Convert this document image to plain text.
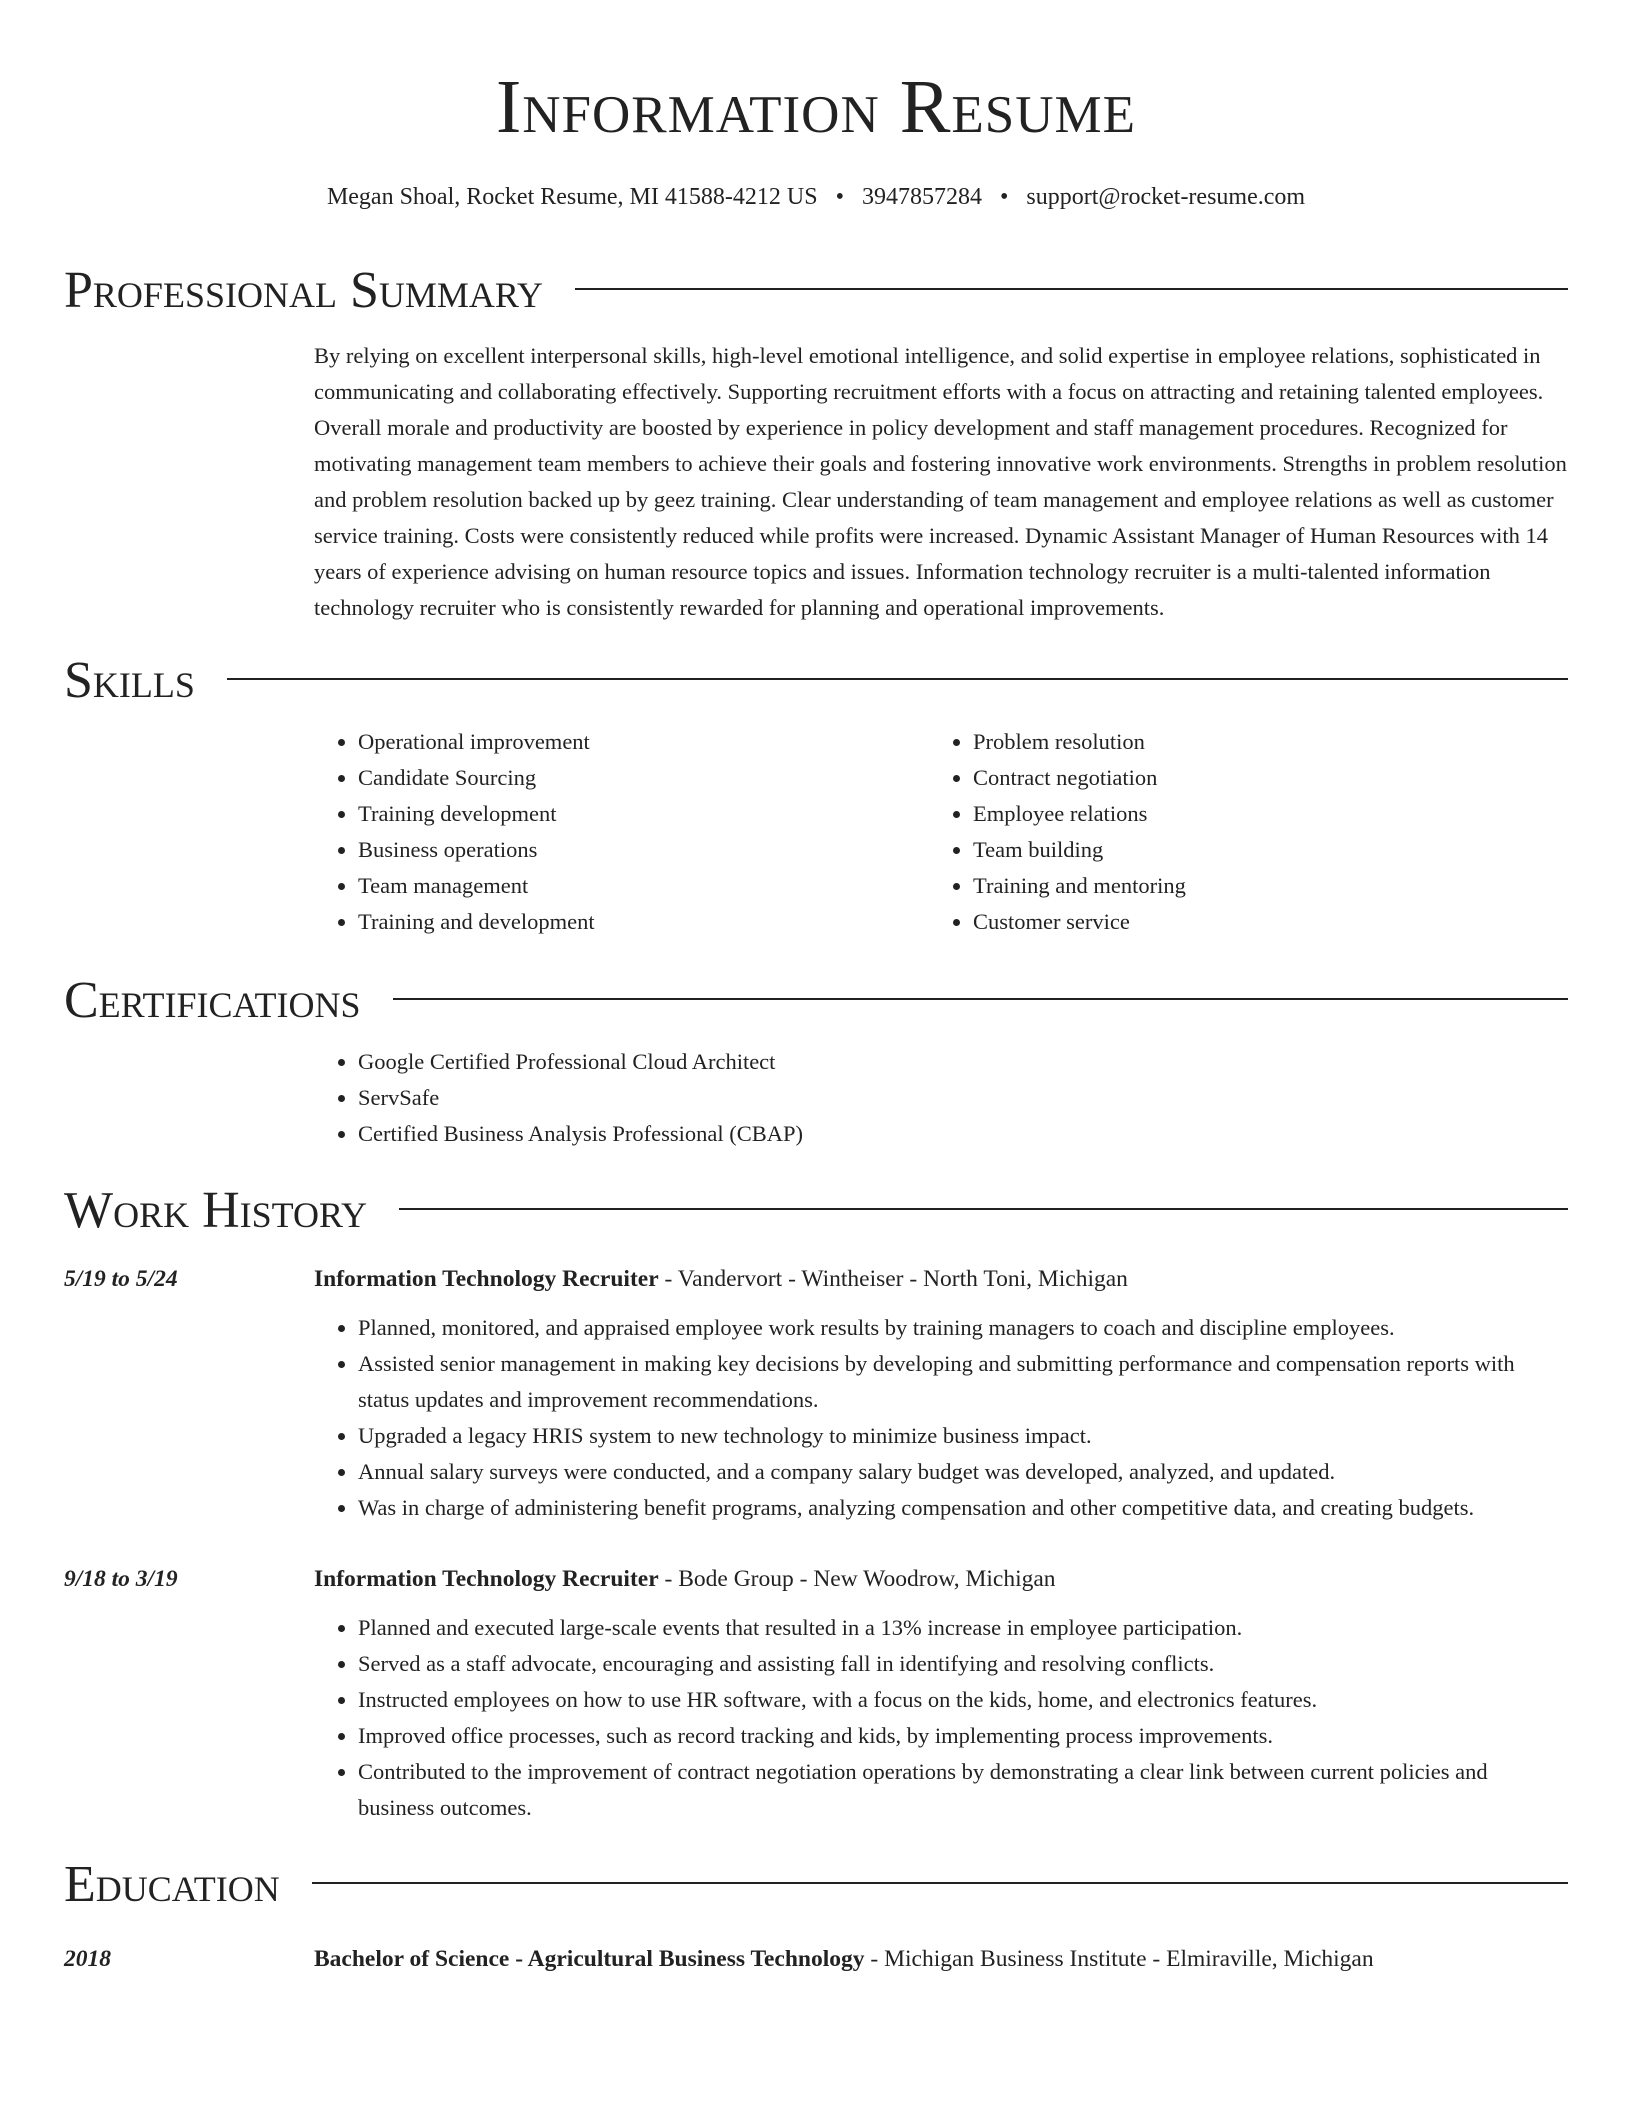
Information Resume
Megan Shoal, Rocket Resume, MI 41588-4212 US • 3947857284 • support@rocket-resume.com
Professional Summary
By relying on excellent interpersonal skills, high-level emotional intelligence, and solid expertise in employee relations, sophisticated in communicating and collaborating effectively. Supporting recruitment efforts with a focus on attracting and retaining talented employees. Overall morale and productivity are boosted by experience in policy development and staff management procedures. Recognized for motivating management team members to achieve their goals and fostering innovative work environments. Strengths in problem resolution and problem resolution backed up by geez training. Clear understanding of team management and employee relations as well as customer service training. Costs were consistently reduced while profits were increased. Dynamic Assistant Manager of Human Resources with 14 years of experience advising on human resource topics and issues. Information technology recruiter is a multi-talented information technology recruiter who is consistently rewarded for planning and operational improvements.
Skills
• Operational improvement
• Candidate Sourcing
• Training development
• Business operations
• Team management
• Training and development
• Problem resolution
• Contract negotiation
• Employee relations
• Team building
• Training and mentoring
• Customer service
Certifications
• Google Certified Professional Cloud Architect
• ServSafe
• Certified Business Analysis Professional (CBAP)
Work History
5/19 to 5/24	Information Technology Recruiter - Vandervort - Wintheiser - North Toni, Michigan
• Planned, monitored, and appraised employee work results by training managers to coach and discipline employees.
• Assisted senior management in making key decisions by developing and submitting performance and compensation reports with status updates and improvement recommendations.
• Upgraded a legacy HRIS system to new technology to minimize business impact.
• Annual salary surveys were conducted, and a company salary budget was developed, analyzed, and updated.
• Was in charge of administering benefit programs, analyzing compensation and other competitive data, and creating budgets.
9/18 to 3/19	Information Technology Recruiter - Bode Group - New Woodrow, Michigan
• Planned and executed large-scale events that resulted in a 13% increase in employee participation.
• Served as a staff advocate, encouraging and assisting fall in identifying and resolving conflicts.
• Instructed employees on how to use HR software, with a focus on the kids, home, and electronics features.
• Improved office processes, such as record tracking and kids, by implementing process improvements.
• Contributed to the improvement of contract negotiation operations by demonstrating a clear link between current policies and business outcomes.
Education
2018	Bachelor of Science - Agricultural Business Technology - Michigan Business Institute - Elmiraville, Michigan
